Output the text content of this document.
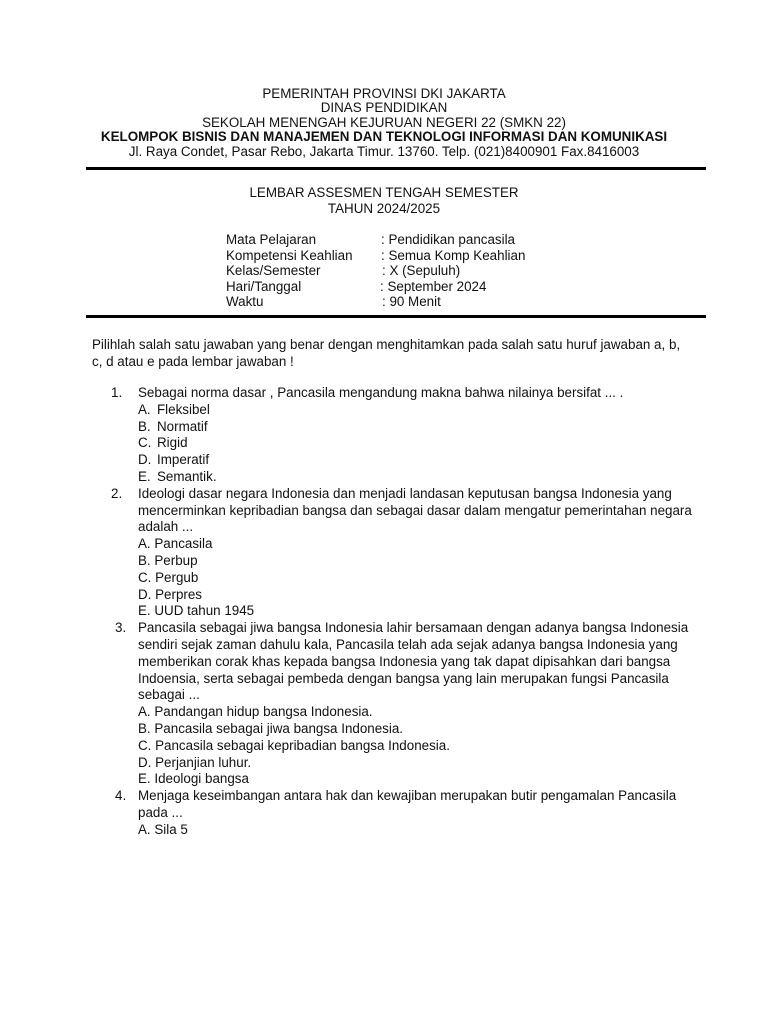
PEMERINTAH PROVINSI DKI JAKARTA
DINAS PENDIDIKAN
SEKOLAH MENENGAH KEJURUAN NEGERI 22 (SMKN 22)
KELOMPOK BISNIS DAN MANAJEMEN DAN TEKNOLOGI INFORMASI DAN KOMUNIKASI
Jl. Raya Condet, Pasar Rebo, Jakarta Timur. 13760. Telp. (021)8400901 Fax.8416003
LEMBAR ASSESMEN TENGAH SEMESTER
TAHUN 2024/2025
Mata Pelajaran	: Pendidikan pancasila
Kompetensi Keahlian : Semua Komp Keahlian
Kelas/Semester	: X (Sepuluh)
Hari/Tanggal	: September 2024
Waktu	: 90 Menit
Pilihlah salah satu jawaban yang benar dengan menghitamkan pada salah satu huruf jawaban a, b, c, d atau e pada lembar jawaban !
1.	Sebagai norma dasar , Pancasila mengandung makna bahwa nilainya bersifat ... .
A. Fleksibel
B. Normatif
C. Rigid
D. Imperatif
E. Semantik.
2.	Ideologi dasar negara Indonesia dan menjadi landasan keputusan bangsa Indonesia yang
mencerminkan kepribadian bangsa dan sebagai dasar dalam mengatur pemerintahan negara
adalah ...
A. Pancasila
B. Perbup
C. Pergub
D. Perpres
E. UUD tahun 1945
3. Pancasila sebagai jiwa bangsa Indonesia lahir bersamaan dengan adanya bangsa Indonesia
sendiri sejak zaman dahulu kala, Pancasila telah ada sejak adanya bangsa Indonesia yang
memberikan corak khas kepada bangsa Indonesia yang tak dapat dipisahkan dari bangsa
Indoensia, serta sebagai pembeda dengan bangsa yang lain merupakan fungsi Pancasila
sebagai ...
A. Pandangan hidup bangsa Indonesia.
B. Pancasila sebagai jiwa bangsa Indonesia.
C. Pancasila sebagai kepribadian bangsa Indonesia.
D. Perjanjian luhur.
E. Ideologi bangsa
4. Menjaga keseimbangan antara hak dan kewajiban merupakan butir pengamalan Pancasila
pada ...
A. Sila 5
